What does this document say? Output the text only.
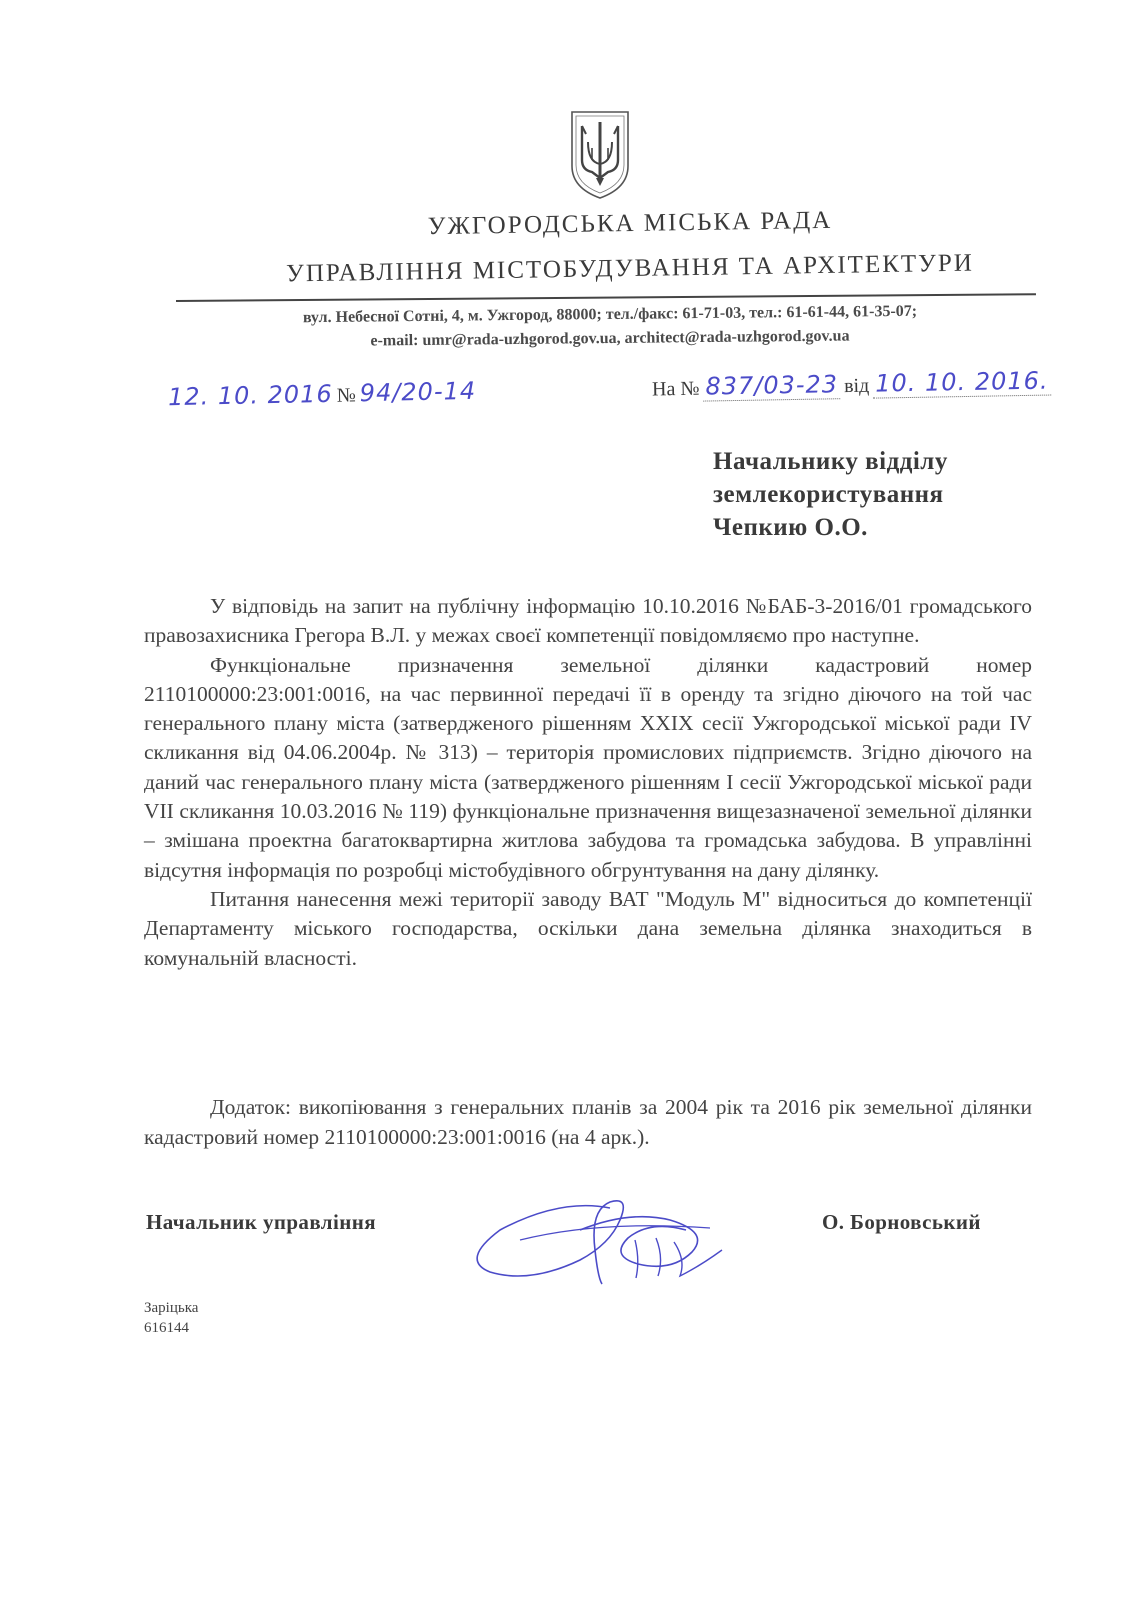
УЖГОРОДСЬКА МІСЬКА РАДА
УПРАВЛІННЯ МІСТОБУДУВАННЯ ТА АРХІТЕКТУРИ
вул. Небесної Сотні, 4, м. Ужгород, 88000; тел./факс: 61-71-03, тел.: 61-61-44, 61-35-07;
e-mail: umr@rada-uzhgorod.gov.ua, architect@rada-uzhgorod.gov.ua
12. 10. 2016 № 94/20-14	На № 837/03-23 від 10. 10. 2016.
Начальнику відділу
землекористування
Чепкию О.О.

У відповідь на запит на публічну інформацію 10.10.2016 №БАБ-3-2016/01 громадського правозахисника Грегора В.Л. у межах своєї компетенції повідомляємо про наступне.

Функціональне призначення земельної ділянки кадастровий номер 2110100000:23:001:0016, на час первинної передачі її в оренду та згідно діючого на той час генерального плану міста (затвердженого рішенням XXIX сесії Ужгородської міської ради IV скликання від 04.06.2004р. № 313) – територія промислових підприємств. Згідно діючого на даний час генерального плану міста (затвердженого рішенням I сесії Ужгородської міської ради VII скликання 10.03.2016 № 119) функціональне призначення вищезазначеної земельної ділянки – змішана проектна багатоквартирна житлова забудова та громадська забудова. В управлінні відсутня інформація по розробці містобудівного обгрунтування на дану ділянку.

Питання нанесення межі території заводу ВАТ "Модуль М" відноситься до компетенції Департаменту міського господарства, оскільки дана земельна ділянка знаходиться в комунальній власності.

Додаток: викопіювання з генеральних планів за 2004 рік та 2016 рік земельної ділянки кадастровий номер 2110100000:23:001:0016 (на 4 арк.).

Начальник управління	О. Борновський
Заріцька
616144
